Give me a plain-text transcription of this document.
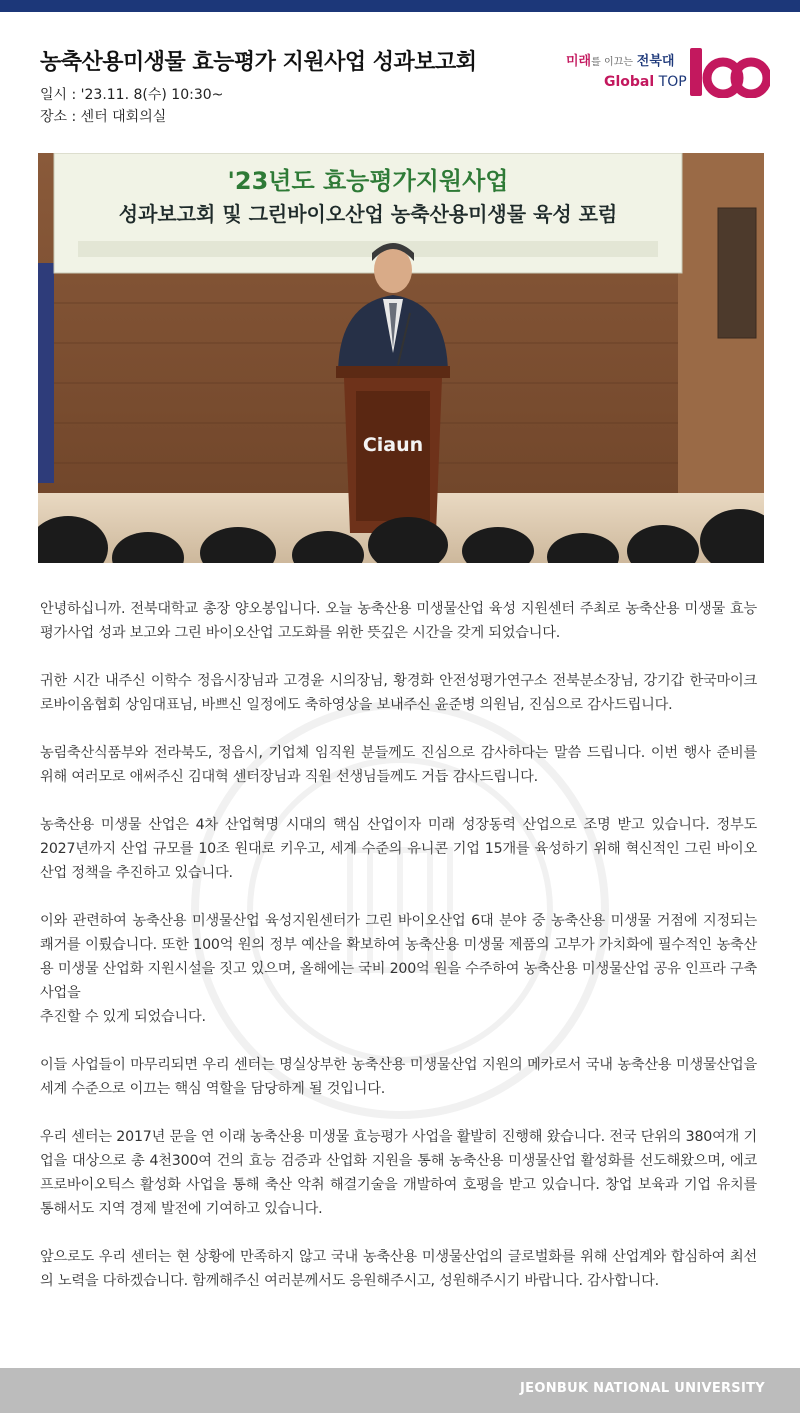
농축산용미생물 효능평가 지원사업 성과보고회
일시 : '23.11. 8(수) 10:30~
장소 : 센터 대회의실
미래를 이끄는 전북대
Global TOP
'23년도 효능평가지원사업
성과보고회 및 그린바이오산업 농축산용미생물 육성 포럼
Ciaun

안녕하십니까. 전북대학교 총장 양오봉입니다. 오늘 농축산용 미생물산업 육성 지원센터 주최로 농축산용 미생물 효능평가사업 성과 보고와 그린 바이오산업 고도화를 위한 뜻깊은 시간을 갖게 되었습니다.

귀한 시간 내주신 이학수 정읍시장님과 고경윤 시의장님, 황경화 안전성평가연구소 전북분소장님, 강기갑 한국마이크로바이옴협회 상임대표님, 바쁘신 일정에도 축하영상을 보내주신 윤준병 의원님, 진심으로 감사드립니다.

농림축산식품부와 전라북도, 정읍시, 기업체 임직원 분들께도 진심으로 감사하다는 말씀 드립니다. 이번 행사 준비를 위해 여러모로 애써주신 김대혁 센터장님과 직원 선생님들께도 거듭 감사드립니다.

농축산용 미생물 산업은 4차 산업혁명 시대의 핵심 산업이자 미래 성장동력 산업으로 조명 받고 있습니다. 정부도 2027년까지 산업 규모를 10조 원대로 키우고, 세계 수준의 유니콘 기업 15개를 육성하기 위해 혁신적인 그린 바이오산업 정책을 추진하고 있습니다.

이와 관련하여 농축산용 미생물산업 육성지원센터가 그린 바이오산업 6대 분야 중 농축산용 미생물 거점에 지정되는 쾌거를 이뤘습니다. 또한 100억 원의 정부 예산을 확보하여 농축산용 미생물 제품의 고부가 가치화에 필수적인 농축산용 미생물 산업화 지원시설을 짓고 있으며, 올해에는 국비 200억 원을 수주하여 농축산용 미생물산업 공유 인프라 구축 사업을
추진할 수 있게 되었습니다.

이들 사업들이 마무리되면 우리 센터는 명실상부한 농축산용 미생물산업 지원의 메카로서 국내 농축산용 미생물산업을 세계 수준으로 이끄는 핵심 역할을 담당하게 될 것입니다.

우리 센터는 2017년 문을 연 이래 농축산용 미생물 효능평가 사업을 활발히 진행해 왔습니다. 전국 단위의 380여개 기업을 대상으로 총 4천300여 건의 효능 검증과 산업화 지원을 통해 농축산용 미생물산업 활성화를 선도해왔으며, 에코 프로바이오틱스 활성화 사업을 통해 축산 악취 해결기술을 개발하여 호평을 받고 있습니다. 창업 보육과 기업 유치를 통해서도 지역 경제 발전에 기여하고 있습니다.

앞으로도 우리 센터는 현 상황에 만족하지 않고 국내 농축산용 미생물산업의 글로벌화를 위해 산업계와 합심하여 최선의 노력을 다하겠습니다. 함께해주신 여러분께서도 응원해주시고, 성원해주시기 바랍니다. 감사합니다.

JEONBUK NATIONAL UNIVERSITY
